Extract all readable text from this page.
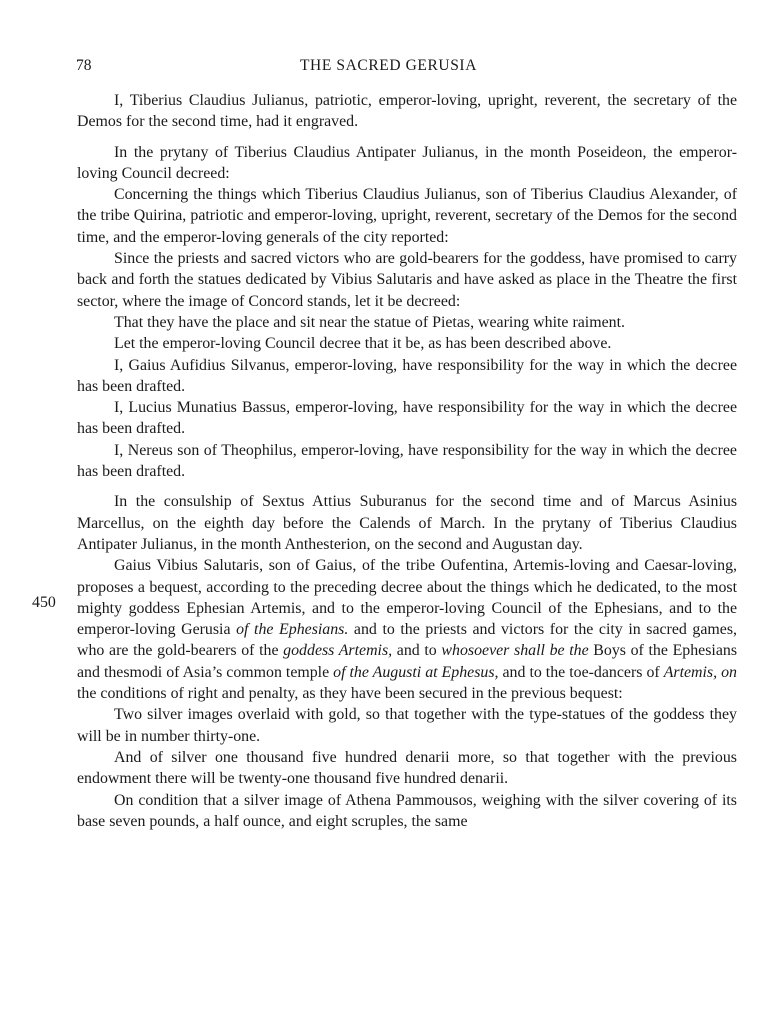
78	THE SACRED GERUSIA
450

I, Tiberius Claudius Julianus, patriotic, emperor-loving, upright, reverent, the secretary of the Demos for the second time, had it engraved.

In the prytany of Tiberius Claudius Antipater Julianus, in the month Poseideon, the emperor-loving Council decreed:

Concerning the things which Tiberius Claudius Julianus, son of Tiberius Claudius Alexander, of the tribe Quirina, patriotic and emperor-loving, upright, reverent, secretary of the Demos for the second time, and the emperor-loving generals of the city reported:

Since the priests and sacred victors who are gold-bearers for the goddess, have promised to carry back and forth the statues dedicated by Vibius Salutaris and have asked as place in the Theatre the first sector, where the image of Concord stands, let it be decreed:

That they have the place and sit near the statue of Pietas, wearing white raiment.

Let the emperor-loving Council decree that it be, as has been described above.

I, Gaius Aufidius Silvanus, emperor-loving, have responsibility for the way in which the decree has been drafted.

I, Lucius Munatius Bassus, emperor-loving, have responsibility for the way in which the decree has been drafted.

I, Nereus son of Theophilus, emperor-loving, have responsibility for the way in which the decree has been drafted.

In the consulship of Sextus Attius Suburanus for the second time and of Marcus Asinius Marcellus, on the eighth day before the Calends of March. In the prytany of Tiberius Claudius Antipater Julianus, in the month Anthesterion, on the second and Augustan day.

Gaius Vibius Salutaris, son of Gaius, of the tribe Oufentina, Artemis-loving and Caesar-loving, proposes a bequest, according to the preceding decree about the things which he dedicated, to the most mighty goddess Ephesian Artemis, and to the emperor-loving Council of the Ephesians, and to the emperor-loving Gerusia of the Ephesians. and to the priests and victors for the city in sacred games, who are the gold-bearers of the goddess Artemis, and to whosoever shall be the Boys of the Ephesians and thesmodi of Asia’s common temple of the Augusti at Ephesus, and to the toe-dancers of Artemis, on the conditions of right and penalty, as they have been secured in the previous bequest:

Two silver images overlaid with gold, so that together with the type-statues of the goddess they will be in number thirty-one.

And of silver one thousand five hundred denarii more, so that together with the previous endowment there will be twenty-one thousand five hundred denarii.

On condition that a silver image of Athena Pammousos, weighing with the silver covering of its base seven pounds, a half ounce, and eight scruples, the same
